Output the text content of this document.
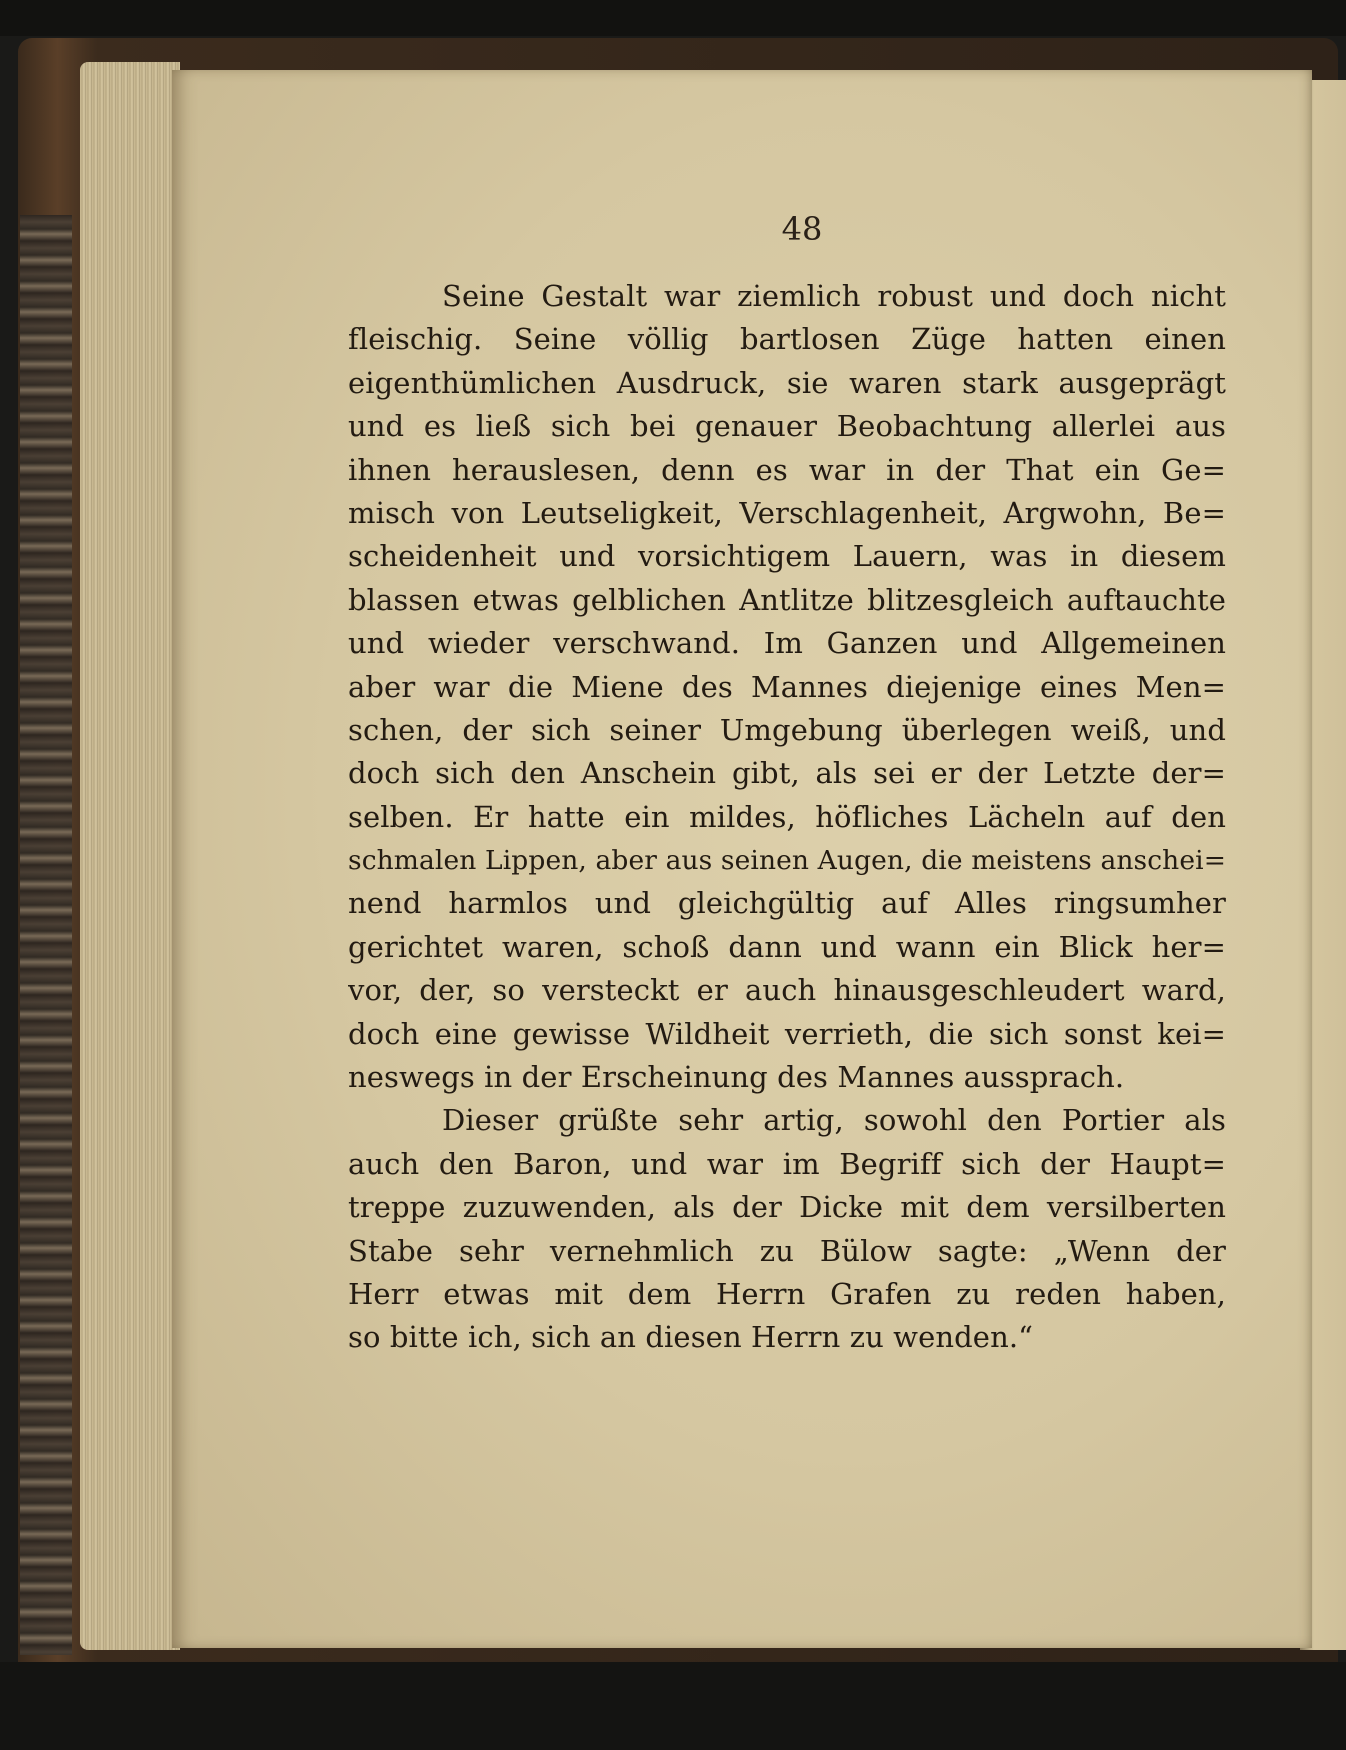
48
Seine Gestalt war ziemlich robust und doch nicht
fleischig. Seine völlig bartlosen Züge hatten einen
eigenthümlichen Ausdruck, sie waren stark ausgeprägt
und es ließ sich bei genauer Beobachtung allerlei aus
ihnen herauslesen, denn es war in der That ein Ge=
misch von Leutseligkeit, Verschlagenheit, Argwohn, Be=
scheidenheit und vorsichtigem Lauern, was in diesem
blassen etwas gelblichen Antlitze blitzesgleich auftauchte
und wieder verschwand. Im Ganzen und Allgemeinen
aber war die Miene des Mannes diejenige eines Men=
schen, der sich seiner Umgebung überlegen weiß, und
doch sich den Anschein gibt, als sei er der Letzte der=
selben. Er hatte ein mildes, höfliches Lächeln auf den
schmalen Lippen, aber aus seinen Augen, die meistens anschei=
nend harmlos und gleichgültig auf Alles ringsumher
gerichtet waren, schoß dann und wann ein Blick her=
vor, der, so versteckt er auch hinausgeschleudert ward,
doch eine gewisse Wildheit verrieth, die sich sonst kei=
neswegs in der Erscheinung des Mannes aussprach.
Dieser grüßte sehr artig, sowohl den Portier als
auch den Baron, und war im Begriff sich der Haupt=
treppe zuzuwenden, als der Dicke mit dem versilberten
Stabe sehr vernehmlich zu Bülow sagte: „Wenn der
Herr etwas mit dem Herrn Grafen zu reden haben,
so bitte ich, sich an diesen Herrn zu wenden.“
